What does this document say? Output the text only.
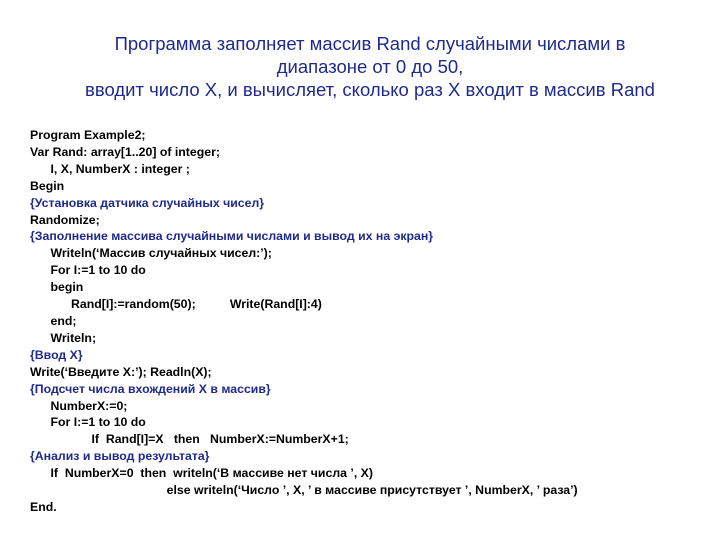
Программа заполняет массив Rand случайными числами в
диапазоне от 0 до 50,
вводит число X, и вычисляет, сколько раз X входит в массив Rand
Program Example2;
Var Rand: array[1..20] of integer;
I, X, NumberX : integer ;
Begin
{Установка датчика случайных чисел}
Randomize;
{Заполнение массива случайными числами и вывод их на экран}
Writeln(‘Массив случайных чисел:’);
For I:=1 to 10 do
begin
Rand[I]:=random(50);          Write(Rand[I]:4)
end;
Writeln;
{Ввод X}
Write(‘Введите X:’); Readln(X);
{Подсчет числа вхождений X в массив}
NumberX:=0;
For I:=1 to 10 do
If  Rand[I]=X   then   NumberX:=NumberX+1;
{Анализ и вывод результата}
If  NumberX=0  then  writeln(‘В массиве нет числа ’, X)
else writeln(‘Число ’, X, ’ в массиве присутствует ’, NumberX, ’ раза’)
End.
